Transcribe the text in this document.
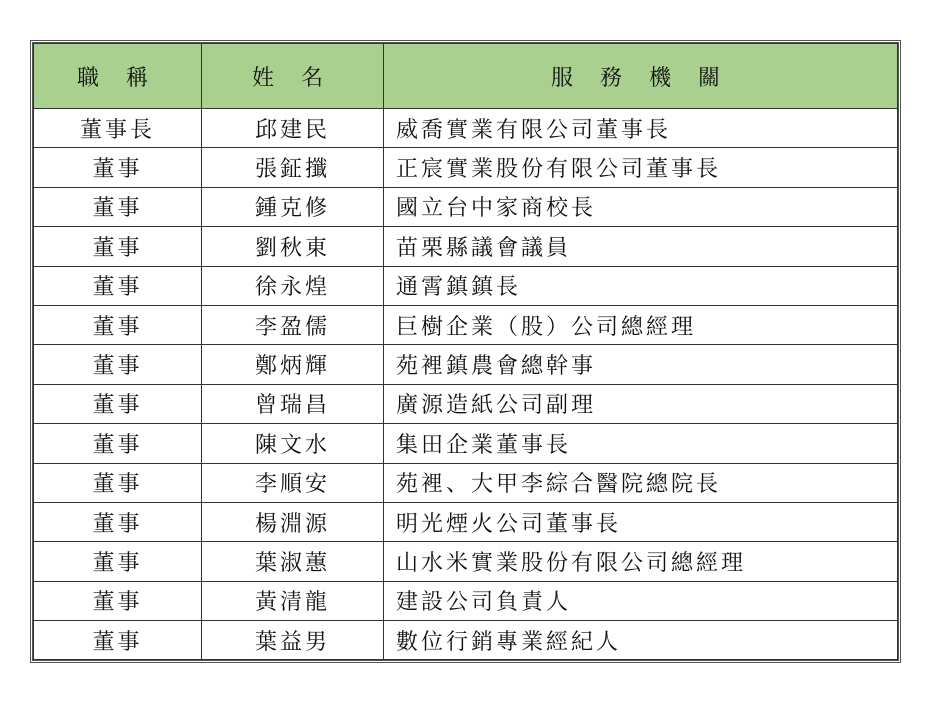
職 稱	姓 名	服 務 機 關
董事長	邱建民	威喬實業有限公司董事長
董事	張鉦攕	正宸實業股份有限公司董事長
董事	鍾克修	國立台中家商校長
董事	劉秋東	苗栗縣議會議員
董事	徐永煌	通霄鎮鎮長
董事	李盈儒	巨樹企業（股）公司總經理
董事	鄭炳輝	苑裡鎮農會總幹事
董事	曾瑞昌	廣源造紙公司副理
董事	陳文水	集田企業董事長
董事	李順安	苑裡、大甲李綜合醫院總院長
董事	楊淵源	明光煙火公司董事長
董事	葉淑蕙	山水米實業股份有限公司總經理
董事	黃清龍	建設公司負責人
董事	葉益男	數位行銷專業經紀人
